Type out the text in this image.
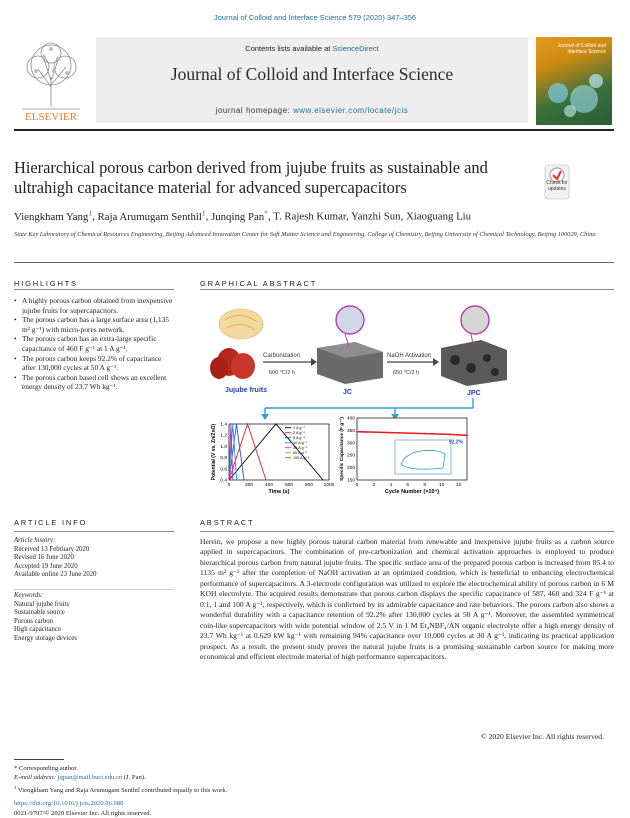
Journal of Colloid and Interface Science 579 (2020) 347–356
ELSEVIER
Contents lists available at ScienceDirect
Journal of Colloid and Interface Science
journal homepage: www.elsevier.com/locate/jcis
Journal of Colloid and Interface Science
Hierarchical porous carbon derived from jujube fruits as sustainable and ultrahigh capacitance material for advanced supercapacitors	Check for
updates
Viengkham Yang$^1$, Raja Arumugam Senthil$^1$, Junqing Pan*, T. Rajesh Kumar, Yanzhi Sun, Xiaoguang Liu
State Key Laboratory of Chemical Resources Engineering, Beijing Advanced Innovation Center for Soft Matter Science and Engineering, College of Chemistry, Beijing University of Chemical Technology, Beijing 100029, China
HIGHLIGHTS
• A highly porous carbon obtained from inexpensive jujube fruits for supercapacitors.
• The porous carbon has a large surface area (1,135 m² g⁻¹) with micro-pores network.
• The porous carbon has an extra-large specific capacitance of 460 F g⁻¹ at 1 A g⁻¹.
• The porous carbon keeps 92.2% of capacitance after 130,000 cycles at 50 A g⁻¹.
• The porous carbon based cell shows an excellent energy density of 23.7 Wh kg⁻¹.
GRAPHICAL ABSTRACT
Jujube fruits
Carbonization
600 °C/2 h
JC
NaOH Activation
650 °C/2 h
JPC
0	200 400 600 800 1000
0.4
0.6
0.8
1.0
1.2
1.4
Time (s)
Potential (V vs. Zn/ZnO)	1 A g⁻¹
2 A g⁻¹
5 A g⁻¹
10 A g⁻¹
20 A g⁻¹
50 A g⁻¹
100 A g⁻¹
92.2%
0	2	4	6	8	10 12
150
200
250
300
350
400
Cycle Number (×10⁴)
Specific Capacitance (F g⁻¹)
ARTICLE INFO
Article history:
Received 13 February 2020
Revised 16 June 2020
Accepted 19 June 2020
Available online 23 June 2020
Keywords:
Natural jujube fruits
Sustainable source
Porous carbon
High capacitance
Energy storage devices
ABSTRACT
Herein, we propose a new highly porous natural carbon material from renewable and inexpensive jujube fruits as a carbon source applied in supercapacitors. The combination of pre-carbonization and chemical activation approaches is employed to produce hierarchical porous carbon from natural jujube fruits. The specific surface area of the prepared porous carbon is increased from 85.4 to 1135 m² g⁻¹ after the completion of NaOH activation at an optimized condition, which is beneficial to enhancing electrochemical performance of supercapacitors. A 3-electrode configuration was utilized to explore the electrochemical ability of porous carbon in 6 M KOH electrolyte. The acquired results demonstrate that porous carbon displays the specific capacitance of 587, 460 and 324 F g⁻¹ at 0.1, 1 and 100 A g⁻¹, respectively, which is confirmed by its admirable capacitance and rate behaviors. The porous carbon also shows a wonderful durability with a capacitance retention of 92.2% after 130,000 cycles at 50 A g⁻¹. Moreover, the assembled symmetrical coin-like supercapacitors with wide potential window of 2.5 V in 1 M Et₄NBF₄/AN organic electrolyte offer a high energy density of 23.7 Wh kg⁻¹ at 0.629 kW kg⁻¹ with remaining 94% capacitance over 10,000 cycles at 30 A g⁻¹, indicating its practical application prospect. As a result, the present study proves the natural jujube fruits is a promising sustainable carbon source for making more economical and efficient electrode material of high performance supercapacitors.
© 2020 Elsevier Inc. All rights reserved.
* Corresponding author.
E-mail address: jqpan@mail.buct.edu.cn (J. Pan).
$^1$ Viengkham Yang and Raja Arumugam Senthil contributed equally to this work.
https://doi.org/10.1016/j.jcis.2020.06.080
0021-9797/© 2020 Elsevier Inc. All rights reserved.
